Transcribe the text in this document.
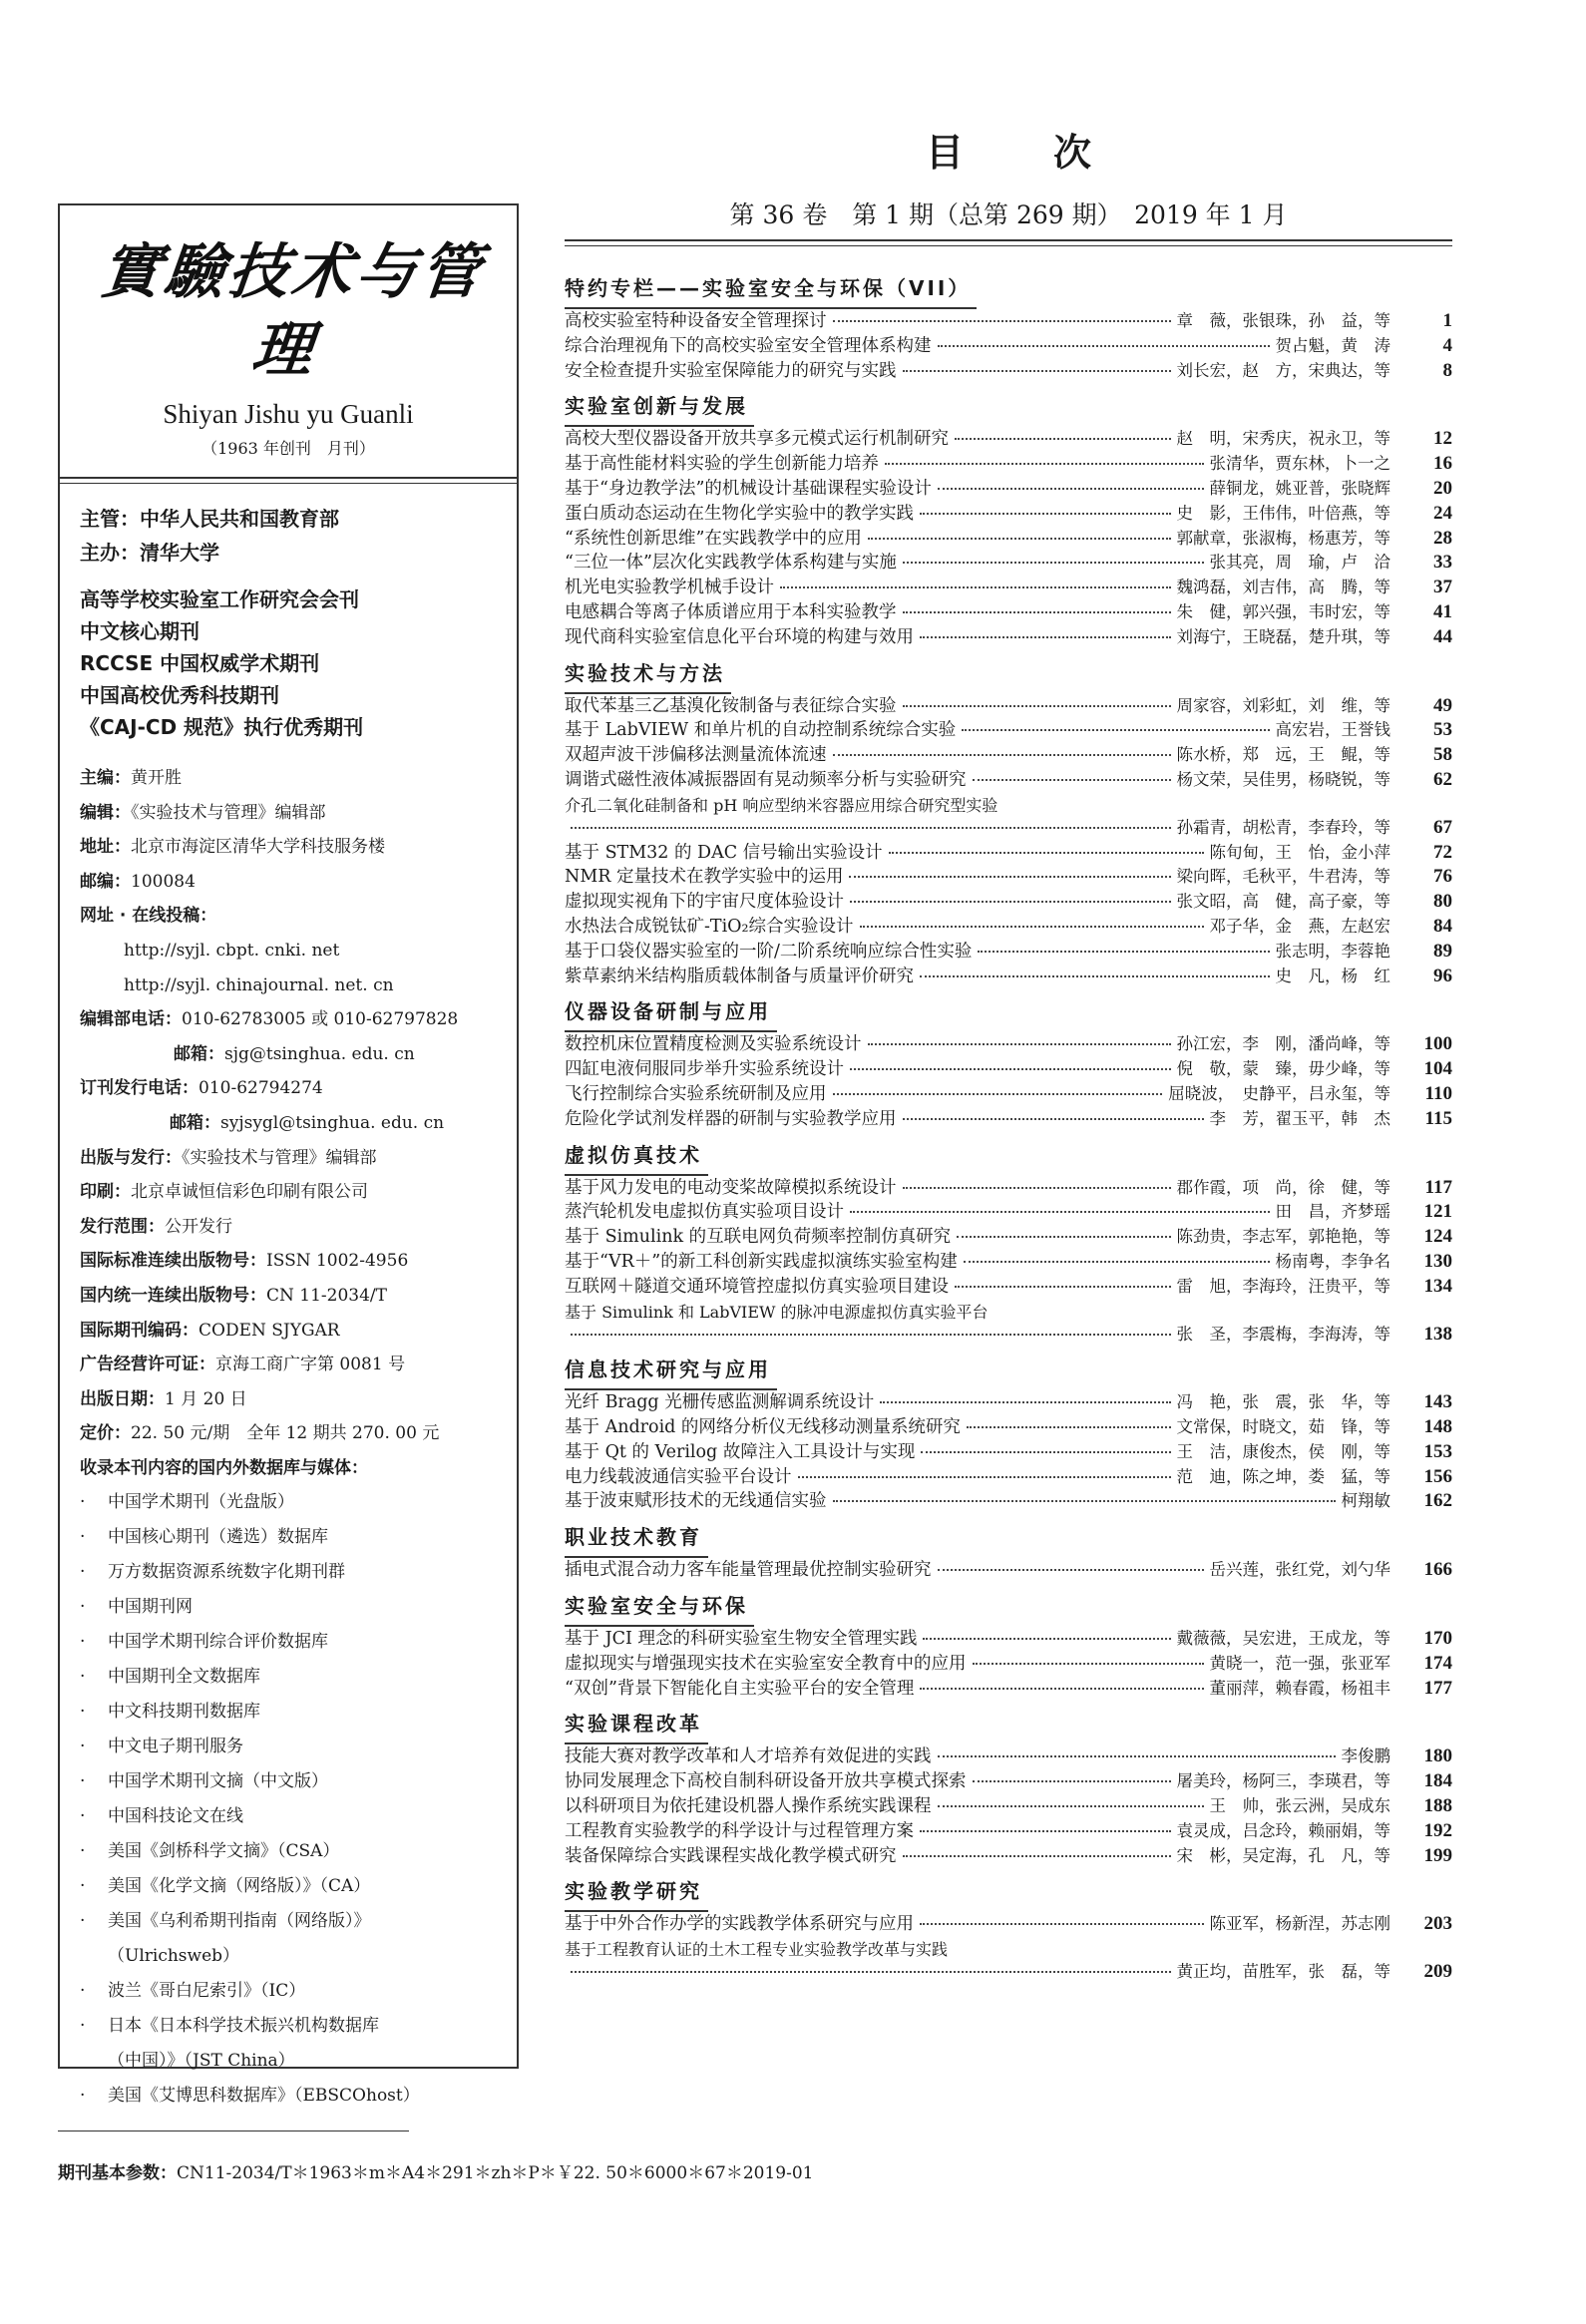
實驗技术与管理
Shiyan Jishu yu Guanli
（1963 年创刊　月刊）
主管：中华人民共和国教育部
主办：清华大学
高等学校实验室工作研究会会刊
中文核心期刊
RCCSE 中国权威学术期刊
中国高校优秀科技期刊
《CAJ-CD 规范》执行优秀期刊
主编：黄开胜
编辑：《实验技术与管理》编辑部
地址：北京市海淀区清华大学科技服务楼
邮编：100084
网址 · 在线投稿：
http://syjl. cbpt. cnki. net
http://syjl. chinajournal. net. cn
编辑部电话：010-62783005 或 010-62797828
邮箱：sjg@tsinghua. edu. cn
订刊发行电话：010-62794274
邮箱：syjsygl@tsinghua. edu. cn
出版与发行：《实验技术与管理》编辑部
印刷：北京卓诚恒信彩色印刷有限公司
发行范围：公开发行
国际标准连续出版物号：ISSN 1002-4956
国内统一连续出版物号：CN 11-2034/T
国际期刊编码：CODEN SJYGAR
广告经营许可证：京海工商广字第 0081 号
出版日期：1 月 20 日
定价：22. 50 元/期　全年 12 期共 270. 00 元
收录本刊内容的国内外数据库与媒体：
· 中国学术期刊（光盘版）
· 中国核心期刊（遴选）数据库
· 万方数据资源系统数字化期刊群
· 中国期刊网
· 中国学术期刊综合评价数据库
· 中国期刊全文数据库
· 中文科技期刊数据库
· 中文电子期刊服务
· 中国学术期刊文摘（中文版）
· 中国科技论文在线
· 美国《剑桥科学文摘》（CSA）
· 美国《化学文摘（网络版）》（CA）
· 美国《乌利希期刊指南（网络版）》
（Ulrichsweb）
· 波兰《哥白尼索引》（IC）
· 日本《日本科学技术振兴机构数据库
（中国）》（JST China）
· 美国《艾博思科数据库》（EBSCOhost）
目次
第 36 卷　第 1 期（总第 269 期）　2019 年 1 月
特约专栏——实验室安全与环保（VII）
高校实验室特种设备安全管理探讨	章　薇，张银珠，孙　益，等	1
综合治理视角下的高校实验室安全管理体系构建	贺占魁，黄　涛	4
安全检查提升实验室保障能力的研究与实践	刘长宏，赵　方，宋典达，等	8
实验室创新与发展
高校大型仪器设备开放共享多元模式运行机制研究	赵　明，宋秀庆，祝永卫，等	12
基于高性能材料实验的学生创新能力培养	张清华，贾东林，卜一之	16
基于“身边教学法”的机械设计基础课程实验设计	薛铜龙，姚亚普，张晓辉	20
蛋白质动态运动在生物化学实验中的教学实践	史　影，王伟伟，叶倍燕，等	24
“系统性创新思维”在实践教学中的应用	郭献章，张淑梅，杨惠芳，等	28
“三位一体”层次化实践教学体系构建与实施	张其亮，周　瑜，卢　洽	33
机光电实验教学机械手设计	魏鸿磊，刘吉伟，高　腾，等	37
电感耦合等离子体质谱应用于本科实验教学	朱　健，郭兴强，韦时宏，等	41
现代商科实验室信息化平台环境的构建与效用	刘海宁，王晓磊，楚升琪，等	44
实验技术与方法
取代苯基三乙基溴化铵制备与表征综合实验	周家容，刘彩虹，刘　维，等	49
基于 LabVIEW 和单片机的自动控制系统综合实验	高宏岩，王誉钱	53
双超声波干涉偏移法测量流体流速	陈水桥，郑　远，王　鲲，等	58
调谐式磁性液体减振器固有晃动频率分析与实验研究	杨文荣，吴佳男，杨晓锐，等	62
介孔二氧化硅制备和 pH 响应型纳米容器应用综合研究型实验
孙霜青，胡松青，李春玲，等	67
基于 STM32 的 DAC 信号输出实验设计	陈旬甸，王　怡，金小萍	72
NMR 定量技术在教学实验中的运用	梁向晖，毛秋平，牛君涛，等	76
虚拟现实视角下的宇宙尺度体验设计	张文昭，高　健，高子豪，等	80
水热法合成锐钛矿-TiO₂综合实验设计	邓子华，金　燕，左赵宏	84
基于口袋仪器实验室的一阶/二阶系统响应综合性实验	张志明，李蓉艳	89
紫草素纳米结构脂质载体制备与质量评价研究	史　凡，杨　红	96
仪器设备研制与应用
数控机床位置精度检测及实验系统设计	孙江宏，李　刚，潘尚峰，等	100
四缸电液伺服同步举升实验系统设计	倪　敬，蒙　臻，毋少峰，等	104
飞行控制综合实验系统研制及应用	屈晓波，　史静平，吕永玺，等	110
危险化学试剂发样器的研制与实验教学应用	李　芳，翟玉平，韩　杰	115
虚拟仿真技术
基于风力发电的电动变桨故障模拟系统设计	郡作霞，项　尚，徐　健，等	117
蒸汽轮机发电虚拟仿真实验项目设计	田　昌，齐梦瑶	121
基于 Simulink 的互联电网负荷频率控制仿真研究	陈劲贵，李志军，郭艳艳，等	124
基于“VR＋”的新工科创新实践虚拟演练实验室构建	杨南粤，李争名	130
互联网＋隧道交通环境管控虚拟仿真实验项目建设	雷　旭，李海玲，汪贵平，等	134
基于 Simulink 和 LabVIEW 的脉冲电源虚拟仿真实验平台
张　圣，李震梅，李海涛，等	138
信息技术研究与应用
光纤 Bragg 光栅传感监测解调系统设计	冯　艳，张　震，张　华，等	143
基于 Android 的网络分析仪无线移动测量系统研究	文常保，时晓文，茹　锋，等	148
基于 Qt 的 Verilog 故障注入工具设计与实现	王　洁，康俊杰，侯　刚，等	153
电力线载波通信实验平台设计	范　迪，陈之坤，娄　猛，等	156
基于波束赋形技术的无线通信实验	柯翔敏	162
职业技术教育
插电式混合动力客车能量管理最优控制实验研究	岳兴莲，张红党，刘勺华	166
实验室安全与环保
基于 JCI 理念的科研实验室生物安全管理实践	戴薇薇，吴宏进，王成龙，等	170
虚拟现实与增强现实技术在实验室安全教育中的应用	黄晓一，范一强，张亚军	174
“双创”背景下智能化自主实验平台的安全管理	董丽萍，赖春霞，杨祖丰	177
实验课程改革
技能大赛对教学改革和人才培养有效促进的实践	李俊鹏	180
协同发展理念下高校自制科研设备开放共享模式探索	屠美玲，杨阿三，李瑛君，等	184
以科研项目为依托建设机器人操作系统实践课程	王　帅，张云洲，吴成东	188
工程教育实验教学的科学设计与过程管理方案	袁灵成，吕念玲，赖丽娟，等	192
装备保障综合实践课程实战化教学模式研究	宋　彬，吴定海，孔　凡，等	199
实验教学研究
基于中外合作办学的实践教学体系研究与应用	陈亚军，杨新涅，苏志刚	203
基于工程教育认证的土木工程专业实验教学改革与实践
黄正均，苗胜军，张　磊，等	209
期刊基本参数：CN11-2034/T＊1963＊m＊A4＊291＊zh＊P＊￥22. 50＊6000＊67＊2019-01
